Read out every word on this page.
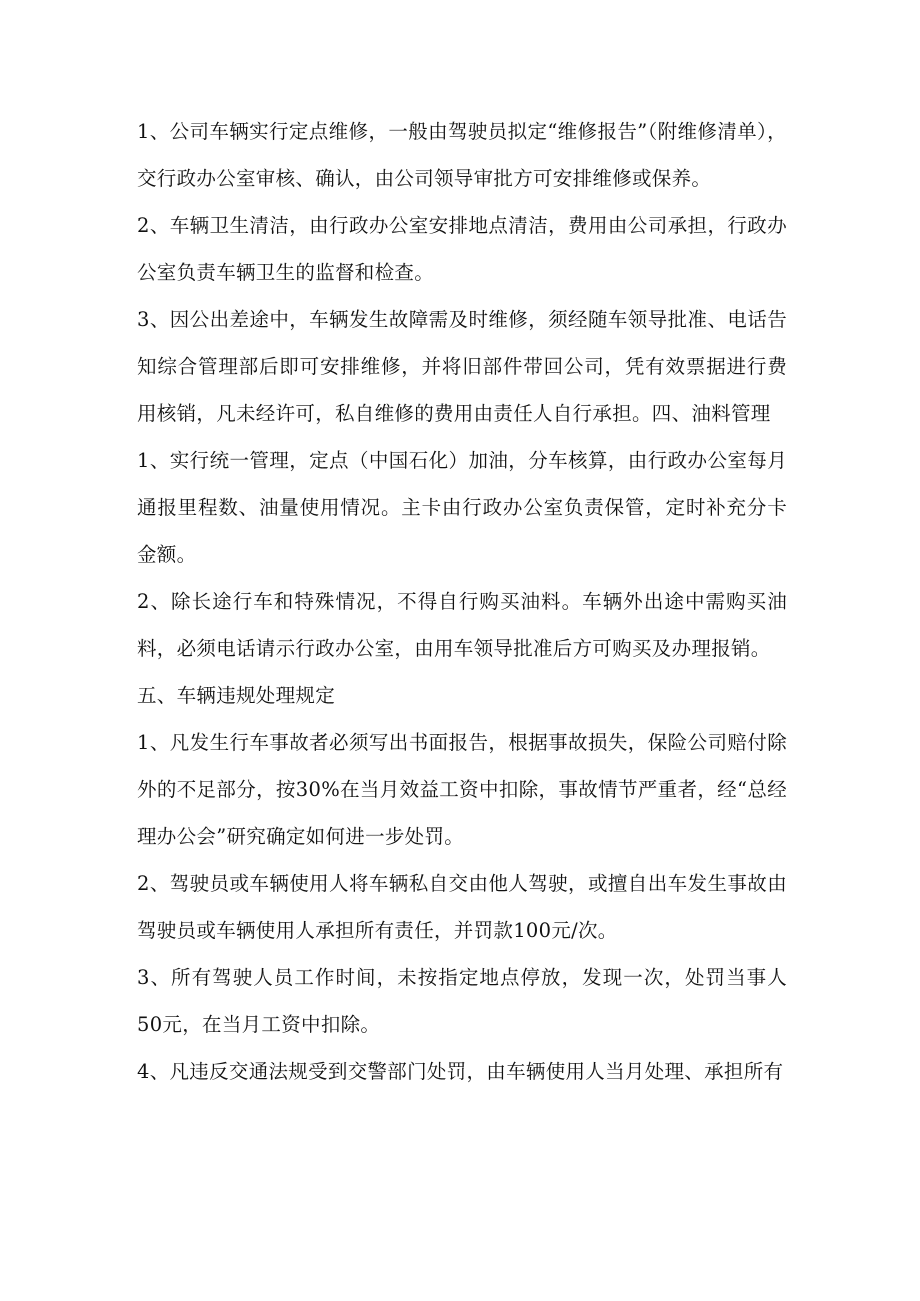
1、公司车辆实行定点维修，一般由驾驶员拟定“维修报告”（附维修清单），交行政办公室审核、确认，由公司领导审批方可安排维修或保养。

2、车辆卫生清洁，由行政办公室安排地点清洁，费用由公司承担，行政办公室负责车辆卫生的监督和检查。

3、因公出差途中，车辆发生故障需及时维修，须经随车领导批准、电话告知综合管理部后即可安排维修，并将旧部件带回公司，凭有效票据进行费用核销，凡未经许可，私自维修的费用由责任人自行承担。四、油料管理

1、实行统一管理，定点（中国石化）加油，分车核算，由行政办公室每月通报里程数、油量使用情况。主卡由行政办公室负责保管，定时补充分卡金额。

2、除长途行车和特殊情况，不得自行购买油料。车辆外出途中需购买油料，必须电话请示行政办公室，由用车领导批准后方可购买及办理报销。

五、车辆违规处理规定

1、凡发生行车事故者必须写出书面报告，根据事故损失，保险公司赔付除外的不足部分，按30%在当月效益工资中扣除，事故情节严重者，经“总经理办公会”研究确定如何进一步处罚。

2、驾驶员或车辆使用人将车辆私自交由他人驾驶，或擅自出车发生事故由驾驶员或车辆使用人承担所有责任，并罚款100元/次。

3、所有驾驶人员工作时间，未按指定地点停放，发现一次，处罚当事人50元，在当月工资中扣除。

4、凡违反交通法规受到交警部门处罚，由车辆使用人当月处理、承担所有
